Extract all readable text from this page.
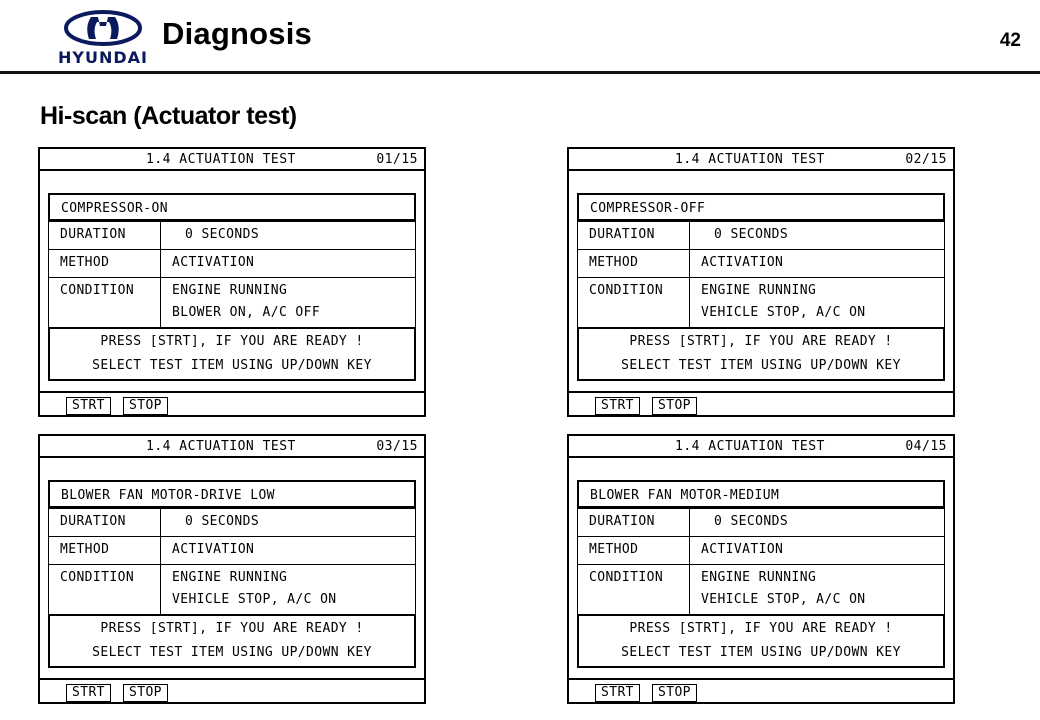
HYUNDAI
Diagnosis	42
Hi-scan (Actuator test)
1.4 ACTUATION TEST	01/15
COMPRESSOR-ON
DURATION	0 SECONDS
METHOD	ACTIVATION
CONDITION	ENGINE RUNNING
BLOWER ON, A/C OFF
PRESS [STRT], IF YOU ARE READY !
SELECT TEST ITEM USING UP/DOWN KEY
STRT	STOP
1.4 ACTUATION TEST	02/15
COMPRESSOR-OFF
DURATION	0 SECONDS
METHOD	ACTIVATION
CONDITION	ENGINE RUNNING
VEHICLE STOP, A/C ON
PRESS [STRT], IF YOU ARE READY !
SELECT TEST ITEM USING UP/DOWN KEY
STRT	STOP
1.4 ACTUATION TEST	03/15
BLOWER FAN MOTOR-DRIVE LOW
DURATION	0 SECONDS
METHOD	ACTIVATION
CONDITION	ENGINE RUNNING
VEHICLE STOP, A/C ON
PRESS [STRT], IF YOU ARE READY !
SELECT TEST ITEM USING UP/DOWN KEY
STRT	STOP
1.4 ACTUATION TEST	04/15
BLOWER FAN MOTOR-MEDIUM
DURATION	0 SECONDS
METHOD	ACTIVATION
CONDITION	ENGINE RUNNING
VEHICLE STOP, A/C ON
PRESS [STRT], IF YOU ARE READY !
SELECT TEST ITEM USING UP/DOWN KEY
STRT	STOP
